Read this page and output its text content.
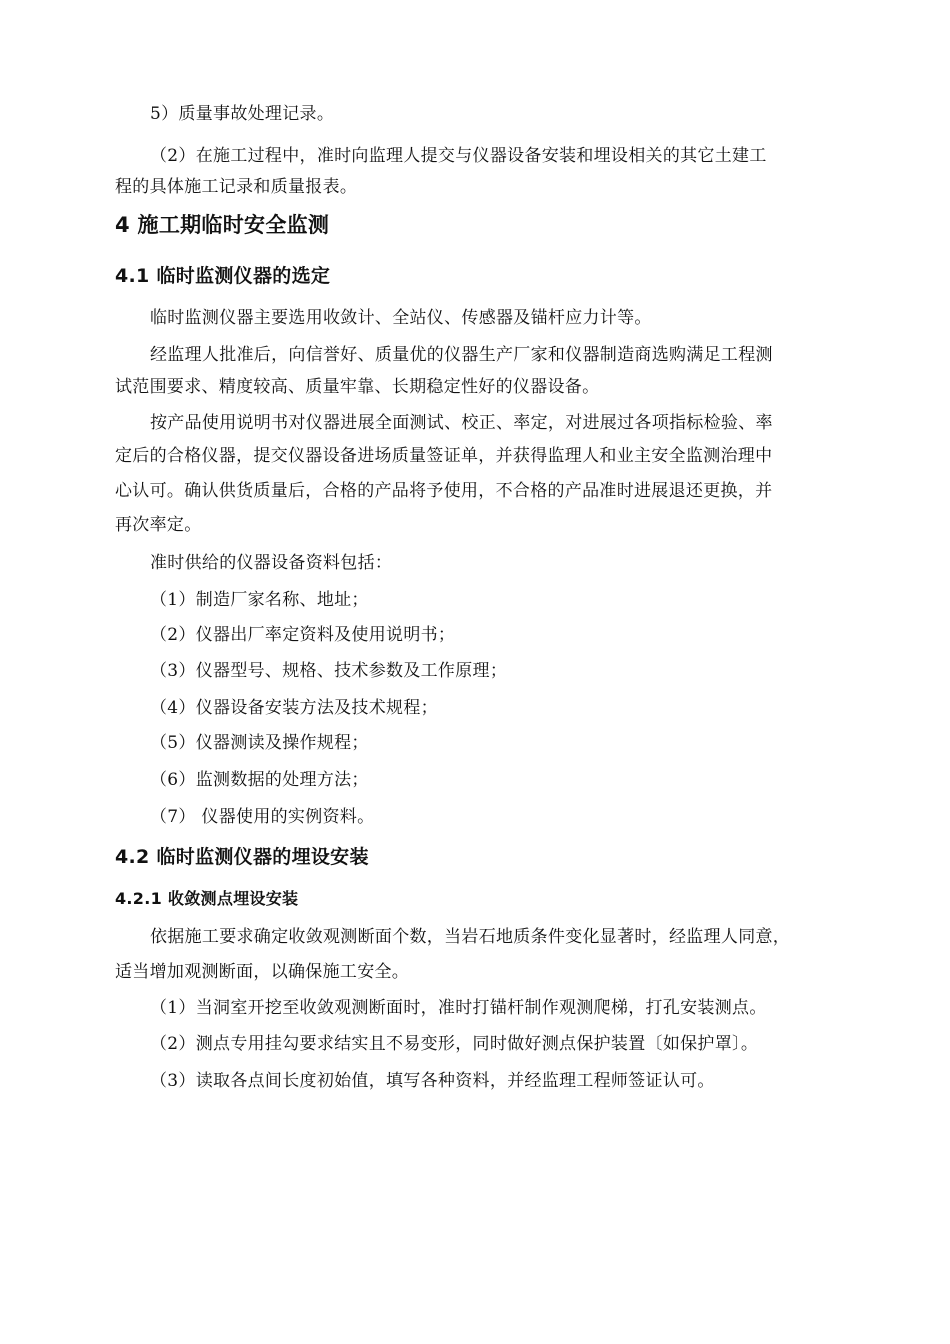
5）质量事故处理记录。
（2）在施工过程中，准时向监理人提交与仪器设备安装和埋设相关的其它土建工
程的具体施工记录和质量报表。
4 施工期临时安全监测
4.1 临时监测仪器的选定
临时监测仪器主要选用收敛计、全站仪、传感器及锚杆应力计等。
经监理人批准后，向信誉好、质量优的仪器生产厂家和仪器制造商选购满足工程测
试范围要求、精度较高、质量牢靠、长期稳定性好的仪器设备。
按产品使用说明书对仪器进展全面测试、校正、率定，对进展过各项指标检验、率
定后的合格仪器，提交仪器设备进场质量签证单，并获得监理人和业主安全监测治理中
心认可。确认供货质量后，合格的产品将予使用，不合格的产品准时进展退还更换，并
再次率定。
准时供给的仪器设备资料包括：
（1）制造厂家名称、地址；
（2）仪器出厂率定资料及使用说明书；
（3）仪器型号、规格、技术参数及工作原理；
（4）仪器设备安装方法及技术规程；
（5）仪器测读及操作规程；
（6）监测数据的处理方法；
（7） 仪器使用的实例资料。
4.2 临时监测仪器的埋设安装
4.2.1 收敛测点埋设安装
依据施工要求确定收敛观测断面个数，当岩石地质条件变化显著时，经监理人同意，
适当增加观测断面，以确保施工安全。
（1）当洞室开挖至收敛观测断面时，准时打锚杆制作观测爬梯，打孔安装测点。
（2）测点专用挂勾要求结实且不易变形，同时做好测点保护装置〔如保护罩〕。
（3）读取各点间长度初始值，填写各种资料，并经监理工程师签证认可。
